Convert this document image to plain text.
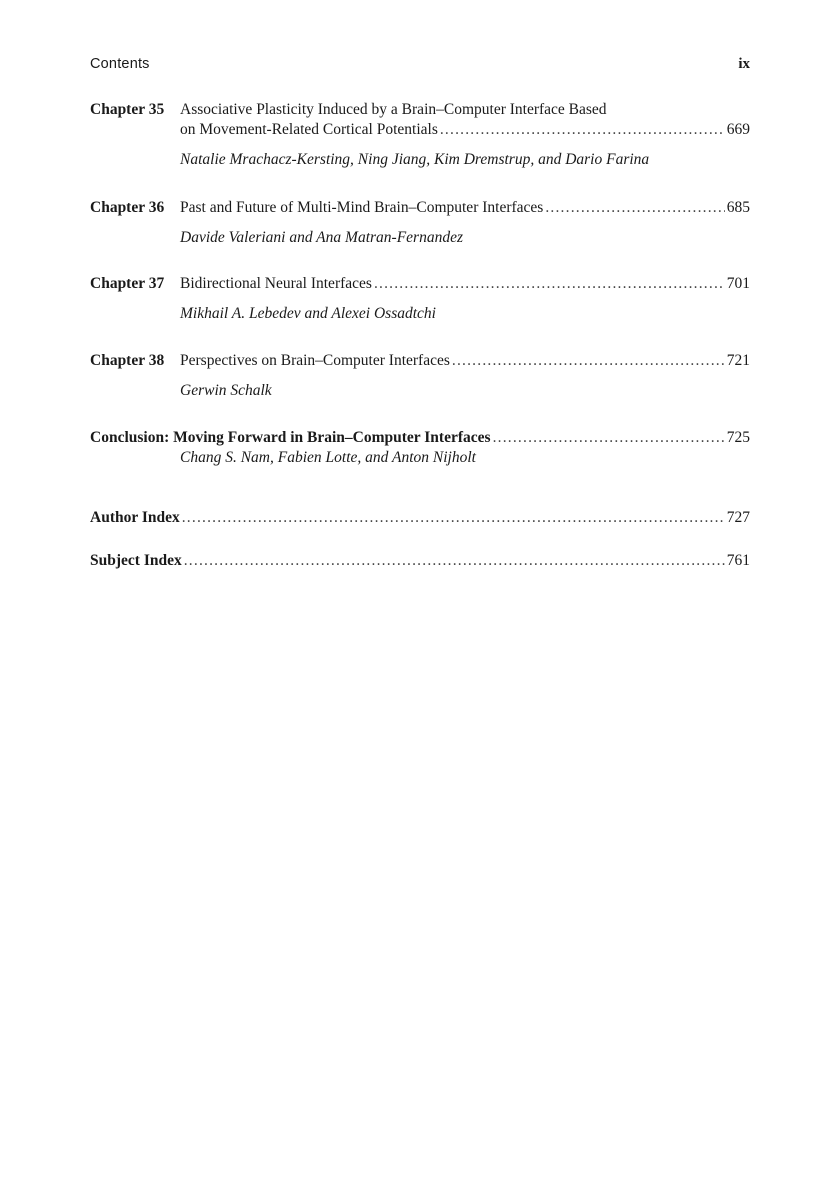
Contents	ix
Chapter 35 Associative Plasticity Induced by a Brain–Computer Interface Based
on Movement-Related Cortical Potentials .....	669
Natalie Mrachacz-Kersting, Ning Jiang, Kim Dremstrup, and Dario Farina
Chapter 36 Past and Future of Multi-Mind Brain–Computer Interfaces .....	685
Davide Valeriani and Ana Matran-Fernandez
Chapter 37 Bidirectional Neural Interfaces .....	701
Mikhail A. Lebedev and Alexei Ossadtchi
Chapter 38 Perspectives on Brain–Computer Interfaces .....	721
Gerwin Schalk
Conclusion: Moving Forward in Brain–Computer Interfaces .....	725
Chang S. Nam, Fabien Lotte, and Anton Nijholt
Author Index .....	727
Subject Index .....	761
